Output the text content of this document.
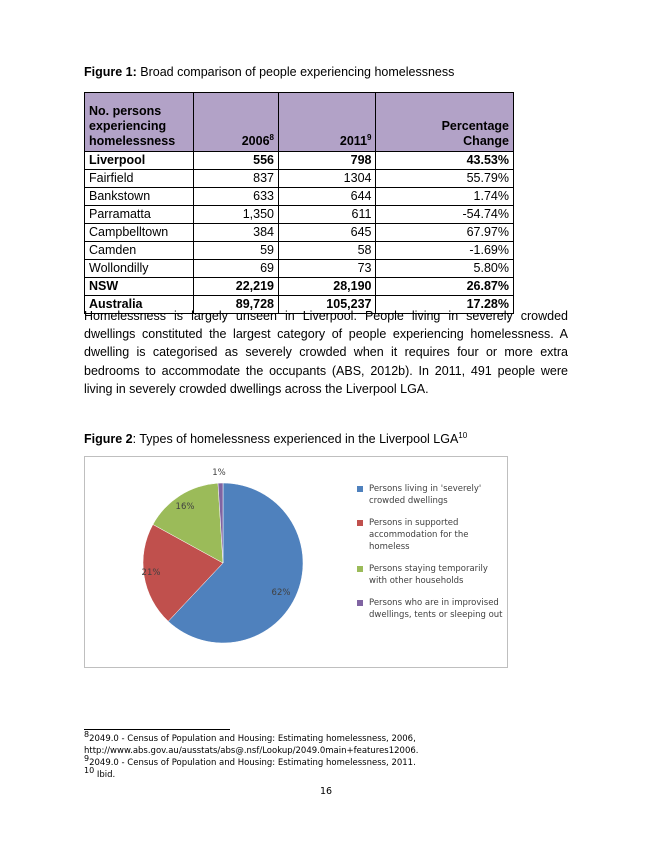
Figure 1: Broad comparison of people experiencing homelessness
No. persons
experiencing
homelessness	2006$^8$	2011$^9$	Percentage
Change
Liverpool	556	798	43.53%
Fairfield	837	1304	55.79%
Bankstown	633	644	1.74%
Parramatta	1,350	611	-54.74%
Campbelltown	384	645	67.97%
Camden	59	58	-1.69%
Wollondilly	69	73	5.80%
NSW	22,219	28,190	26.87%
Australia	89,728	105,237	17.28%

Homelessness is largely unseen in Liverpool. People living in severely crowded dwellings constituted the largest category of people experiencing homelessness. A dwelling is categorised as severely crowded when it requires four or more extra bedrooms to accommodate the occupants (ABS, 2012b). In 2011, 491 people were living in severely crowded dwellings across the Liverpool LGA.

Figure 2: Types of homelessness experienced in the Liverpool LGA$^{10}$
62%
21%
16%
1%
Persons living in 'severely' crowded dwellings
Persons in supported accommodation for the homeless
Persons staying temporarily with other households
Persons who are in improvised dwellings, tents or sleeping out

$^8$2049.0 - Census of Population and Housing: Estimating homelessness, 2006,

http://www.abs.gov.au/ausstats/abs@.nsf/Lookup/2049.0main+features12006.

$^9$2049.0 - Census of Population and Housing: Estimating homelessness, 2011.

$^{10}$ Ibid.

16
